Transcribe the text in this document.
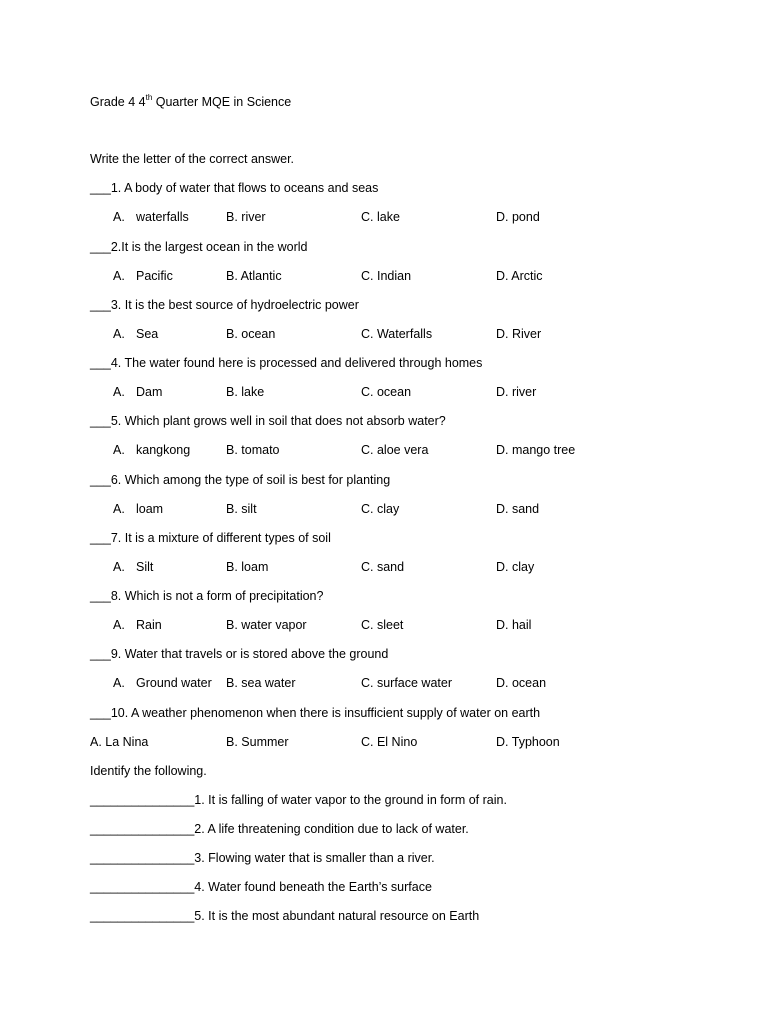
Grade 4 4th Quarter MQE in Science
Write the letter of the correct answer.
___1. A body of water that flows to oceans and seas
A. waterfalls	B. river	C. lake	D. pond
___2.It is the largest ocean in the world
A. Pacific	B. Atlantic	C. Indian	D. Arctic
___3. It is the best source of hydroelectric power
A. Sea	B. ocean	C. Waterfalls	D. River
___4. The water found here is processed and delivered through homes
A. Dam	B. lake	C. ocean	D. river
___5. Which plant grows well in soil that does not absorb water?
A. kangkong	B. tomato	C. aloe vera	D. mango tree
___6. Which among the type of soil is best for planting
A. loam	B. silt	C. clay	D. sand
___7. It is a mixture of different types of soil
A. Silt	B. loam	C. sand	D. clay
___8. Which is not a form of precipitation?
A. Rain	B. water vapor	C. sleet	D. hail
___9. Water that travels or is stored above the ground
A. Ground water B. sea water	C. surface water	D. ocean
___10. A weather phenomenon when there is insufficient supply of water on earth
A. La Nina	B. Summer	C. El Nino	D. Typhoon
Identify the following.
_______________1. It is falling of water vapor to the ground in form of rain.
_______________2. A life threatening condition due to lack of water.
_______________3. Flowing water that is smaller than a river.
_______________4. Water found beneath the Earth’s surface
_______________5. It is the most abundant natural resource on Earth
